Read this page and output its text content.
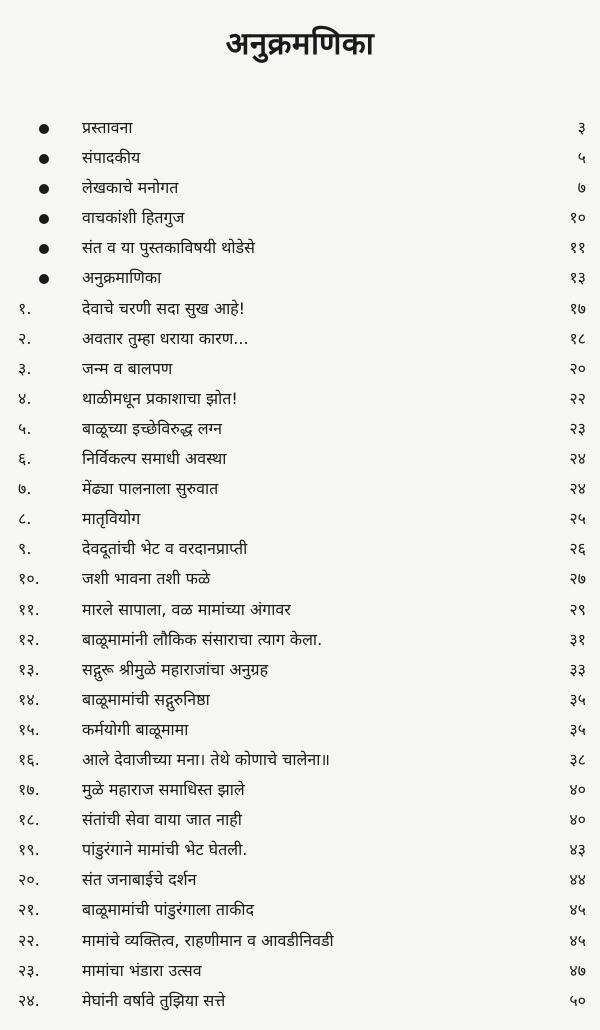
अनुक्रमणिका
प्रस्तावना	३
संपादकीय	५
लेखकाचे मनोगत	७
वाचकांशी हितगुज	१०
संत व या पुस्तकाविषयी थोडेसे	११
अनुक्रमाणिका	१३
१.	देवाचे चरणी सदा सुख आहे!	१७
२.	अवतार तुम्हा धराया कारण...	१८
३.	जन्म व बालपण	२०
४.	थाळीमधून प्रकाशाचा झोत!	२२
५.	बाळूच्या इच्छेविरुद्ध लग्न	२३
६.	निर्विकल्प समाधी अवस्था	२४
७.	मेंढ्या पालनाला सुरुवात	२४
८.	मातृवियोग	२५
९.	देवदूतांची भेट व वरदानप्राप्ती	२६
१०.	जशी भावना तशी फळे	२७
११.	मारले सापाला, वळ मामांच्या अंगावर	२९
१२.	बाळूमामांनी लौकिक संसाराचा त्याग केला.	३१
१३.	सद्गुरू श्रीमुळे महाराजांचा अनुग्रह	३३
१४.	बाळूमामांची सद्गुरुनिष्ठा	३५
१५.	कर्मयोगी बाळूमामा	३५
१६.	आले देवाजीच्या मना। तेथे कोणाचे चालेना॥	३८
१७.	मुळे महाराज समाधिस्त झाले	४०
१८.	संतांची सेवा वाया जात नाही	४०
१९.	पांडुरंगाने मामांची भेट घेतली.	४३
२०.	संत जनाबाईचे दर्शन	४४
२१.	बाळूमामांची पांडुरंगाला ताकीद	४५
२२.	मामांचे व्यक्तित्व, राहणीमान व आवडीनिवडी	४५
२३.	मामांचा भंडारा उत्सव	४७
२४.	मेघांनी वर्षावे तुझिया सत्ते	५०
